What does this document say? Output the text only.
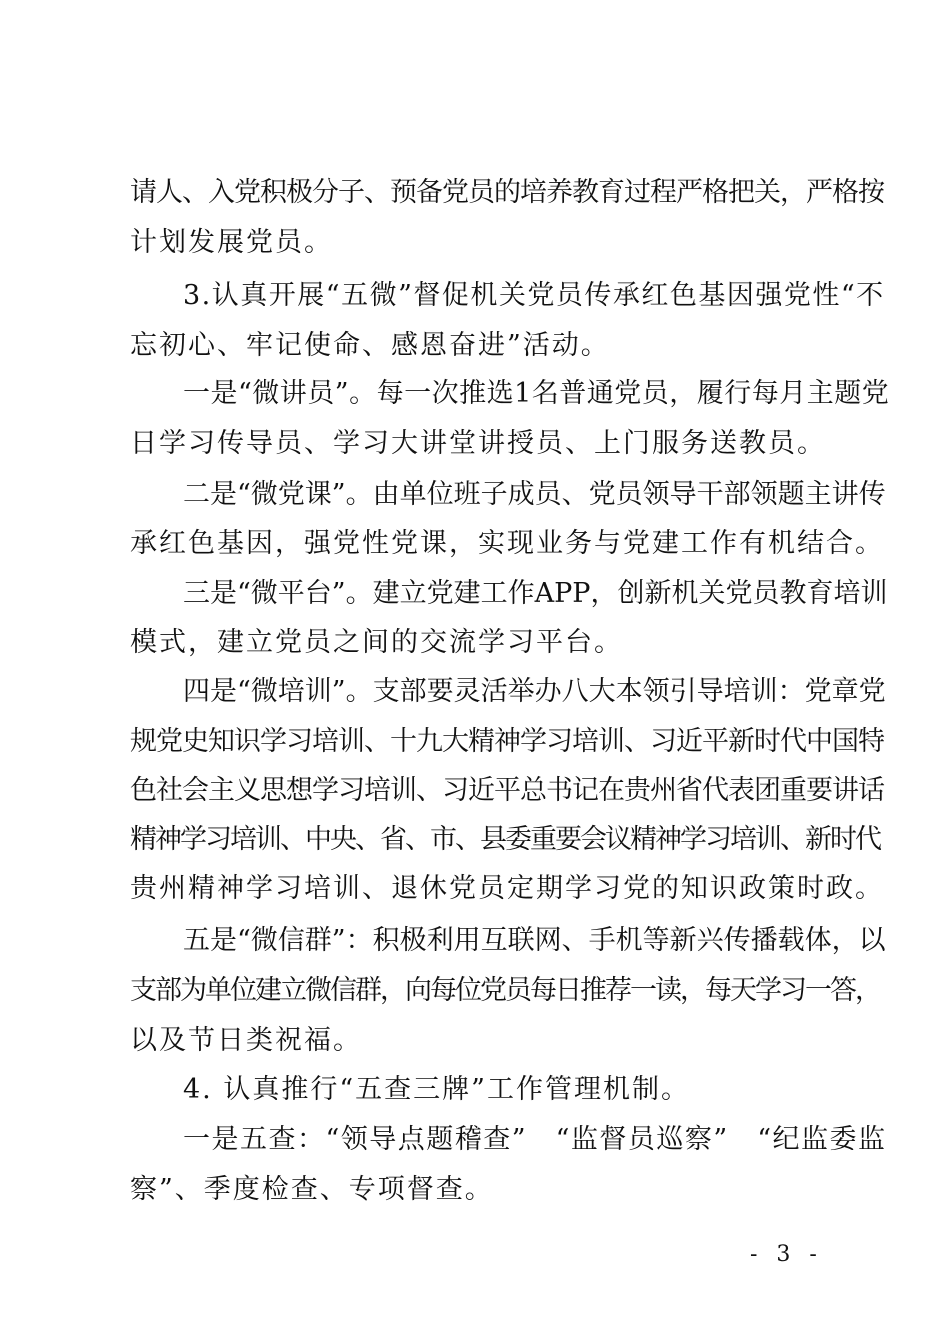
请人、入党积极分子、预备党员的培养教育过程严格把关，严格按
计划发展党员。
3.认真开展“五微”督促机关党员传承红色基因强党性“不
忘初心、牢记使命、感恩奋进”活动。
一是“微讲员”。每一次推选1名普通党员，履行每月主题党
日学习传导员、学习大讲堂讲授员、上门服务送教员。
二是“微党课”。由单位班子成员、党员领导干部领题主讲传
承红色基因，强党性党课，实现业务与党建工作有机结合。
三是“微平台”。建立党建工作APP，创新机关党员教育培训
模式，建立党员之间的交流学习平台。
四是“微培训”。支部要灵活举办八大本领引导培训：党章党
规党史知识学习培训、十九大精神学习培训、习近平新时代中国特
色社会主义思想学习培训、习近平总书记在贵州省代表团重要讲话
精神学习培训、中央、省、市、县委重要会议精神学习培训、新时代
贵州精神学习培训、退休党员定期学习党的知识政策时政。
五是“微信群”：积极利用互联网、手机等新兴传播载体，以
支部为单位建立微信群，向每位党员每日推荐一读，每天学习一答，
以及节日类祝福。
4. 认真推行“五查三牌”工作管理机制。
一是五查：“领导点题稽查”　“监督员巡察”　“纪监委监
察”、季度检查、专项督查。
- 3 -
